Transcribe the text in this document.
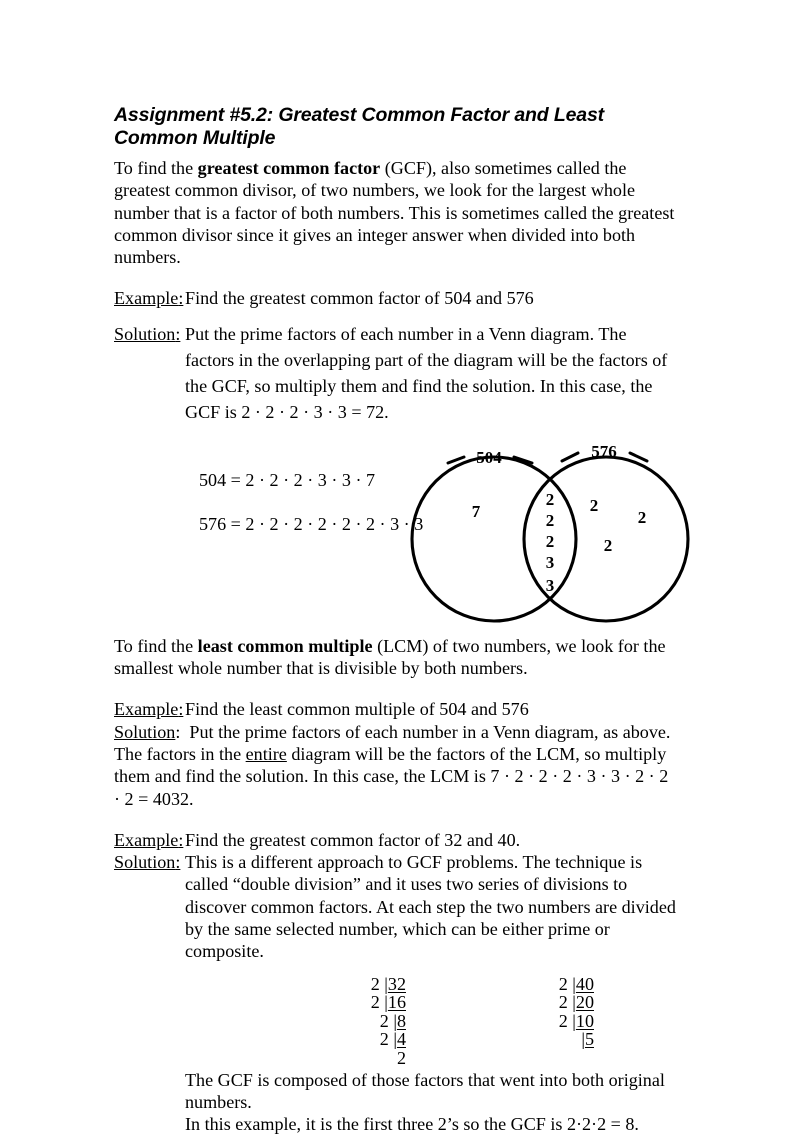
Assignment #5.2: Greatest Common Factor and Least Common Multiple

To find the greatest common factor (GCF), also sometimes called the greatest common divisor, of two numbers, we look for the largest whole number that is a factor of both numbers. This is sometimes called the greatest common divisor since it gives an integer answer when divided into both numbers.

Example: Find the greatest common factor of 504 and 576
Solution: Put the prime factors of each number in a Venn diagram. The factors in the overlapping part of the diagram will be the factors of the GCF, so multiply them and find the solution. In this case, the GCF is 2 · 2 · 2 · 3 · 3 = 72.
504 = 2 · 2 · 2 · 3 · 3 · 7
576 = 2 · 2 · 2 · 2 · 2 · 2 · 3 · 3
504	576
7
2
2
2
3
3
2
2
2

To find the least common multiple (LCM) of two numbers, we look for the smallest whole number that is divisible by both numbers.

Example: Find the least common multiple of 504 and 576
Solution: Put the prime factors of each number in a Venn diagram, as above. The factors in the entire diagram will be the factors of the LCM, so multiply them and find the solution. In this case, the LCM is 7 · 2 · 2 · 2 · 3 · 3 · 2 · 2 · 2 = 4032.
Example: Find the greatest common factor of 32 and 40.
Solution: This is a different approach to GCF problems. The technique is called “double division” and it uses two series of divisions to discover common factors. At each step the two numbers are divided by the same selected number, which can be either prime or composite.
2 |32
2 |16
2 |8
2 |4
2
2 |40
2 |20
2 |10
|5
The GCF is composed of those factors that went into both original numbers.
In this example, it is the first three 2’s so the GCF is 2·2·2 = 8.
